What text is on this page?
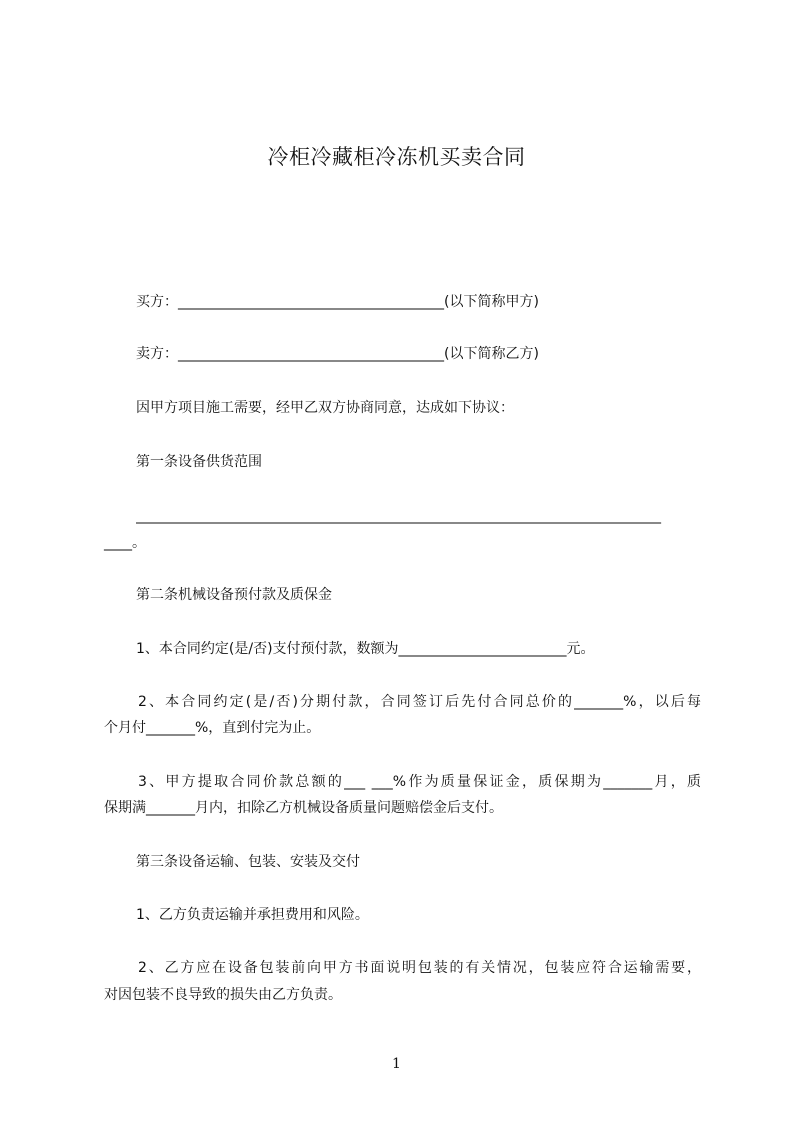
冷柜冷藏柜冷冻机买卖合同
买方：______________________________________(以下简称甲方)
卖方：______________________________________(以下简称乙方)
因甲方项目施工需要，经甲乙双方协商同意，达成如下协议：
第一条设备供货范围
___________________________________________________________________________
____。
第二条机械设备预付款及质保金
1、本合同约定(是/否)支付预付款，数额为________________________元。
2、本合同约定(是/否)分期付款，合同签订后先付合同总价的_______%，以后每
个月付_______%，直到付完为止。
3、甲方提取合同价款总额的___ ___%作为质量保证金，质保期为_______月，质
保期满_______月内，扣除乙方机械设备质量问题赔偿金后支付。
第三条设备运输、包装、安装及交付
1、乙方负责运输并承担费用和风险。
2、乙方应在设备包装前向甲方书面说明包装的有关情况，包装应符合运输需要，
对因包装不良导致的损失由乙方负责。
1
